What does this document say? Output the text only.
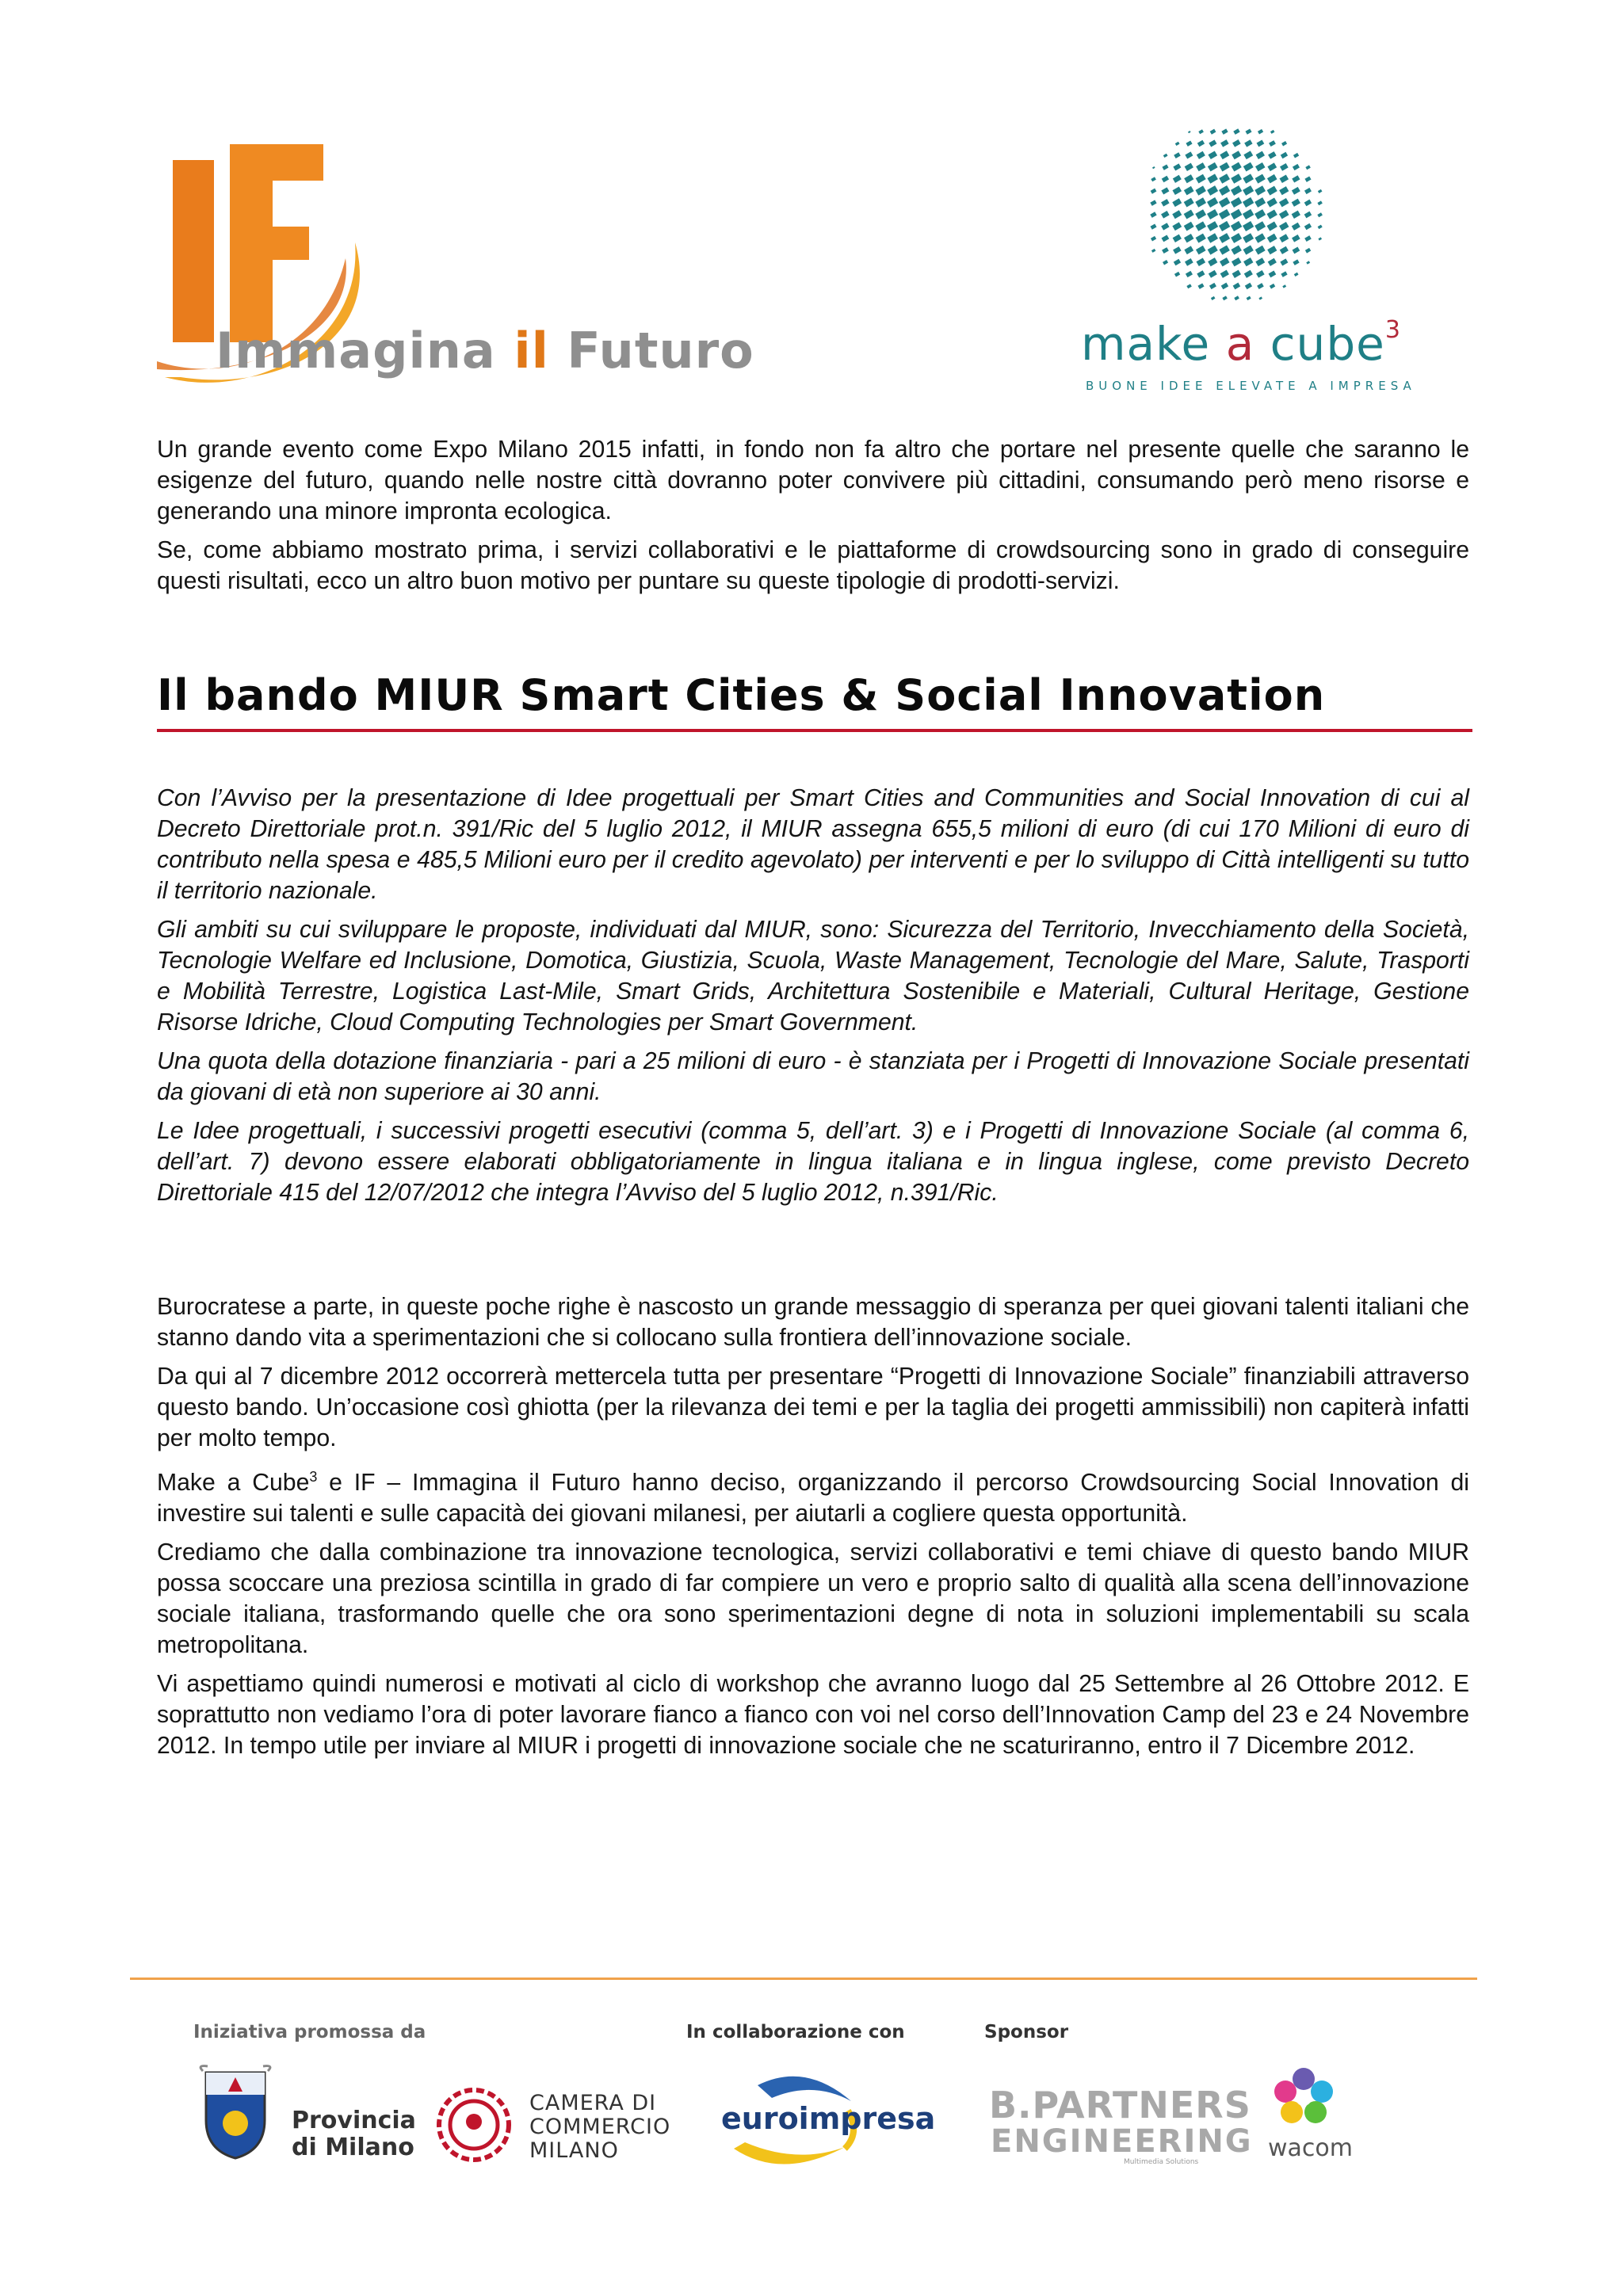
Immagina il Futuro	make a cube$^3$
BUONE IDEE ELEVATE A IMPRESA

Un grande evento come Expo Milano 2015 infatti, in fondo non fa altro che portare nel presente quelle che saranno le esigenze del futuro, quando nelle nostre città dovranno poter convivere più cittadini, consumando però meno risorse e generando una minore impronta ecologica.

Se, come abbiamo mostrato prima, i servizi collaborativi e le piattaforme di crowdsourcing sono in grado di conseguire questi risultati, ecco un altro buon motivo per puntare su queste tipologie di prodotti-servizi.

Il bando MIUR Smart Cities & Social Innovation

Con l’Avviso per la presentazione di Idee progettuali per Smart Cities and Communities and Social Innovation di cui al Decreto Direttoriale prot.n. 391/Ric del 5 luglio 2012, il MIUR assegna 655,5 milioni di euro (di cui 170 Milioni di euro di contributo nella spesa e 485,5 Milioni euro per il credito agevolato) per interventi e per lo sviluppo di Città intelligenti su tutto il territorio nazionale.

Gli ambiti su cui sviluppare le proposte, individuati dal MIUR, sono: Sicurezza del Territorio, Invecchiamento della Società, Tecnologie Welfare ed Inclusione, Domotica, Giustizia, Scuola, Waste Management, Tecnologie del Mare, Salute, Trasporti e Mobilità Terrestre, Logistica Last-Mile, Smart Grids, Architettura Sostenibile e Materiali, Cultural Heritage, Gestione Risorse Idriche, Cloud Computing Technologies per Smart Government.

Una quota della dotazione finanziaria - pari a 25 milioni di euro - è stanziata per i Progetti di Innovazione Sociale presentati da giovani di età non superiore ai 30 anni.

Le Idee progettuali, i successivi progetti esecutivi (comma 5, dell’art. 3) e i Progetti di Innovazione Sociale (al comma 6, dell’art. 7) devono essere elaborati obbligatoriamente in lingua italiana e in lingua inglese, come previsto Decreto Direttoriale 415 del 12/07/2012 che integra l’Avviso del 5 luglio 2012, n.391/Ric.

Burocratese a parte, in queste poche righe è nascosto un grande messaggio di speranza per quei giovani talenti italiani che stanno dando vita a sperimentazioni che si collocano sulla frontiera dell’innovazione sociale.

Da qui al 7 dicembre 2012 occorrerà mettercela tutta per presentare “Progetti di Innovazione Sociale” finanziabili attraverso questo bando. Un’occasione così ghiotta (per la rilevanza dei temi e per la taglia dei progetti ammissibili) non capiterà infatti per molto tempo.

Make a Cube$^3$ e IF – Immagina il Futuro hanno deciso, organizzando il percorso Crowdsourcing Social Innovation di investire sui talenti e sulle capacità dei giovani milanesi, per aiutarli a cogliere questa opportunità.

Crediamo che dalla combinazione tra innovazione tecnologica, servizi collaborativi e temi chiave di questo bando MIUR possa scoccare una preziosa scintilla in grado di far compiere un vero e proprio salto di qualità alla scena dell’innovazione sociale italiana, trasformando quelle che ora sono sperimentazioni degne di nota in soluzioni implementabili su scala metropolitana.

Vi aspettiamo quindi numerosi e motivati al ciclo di workshop che avranno luogo dal 25 Settembre al 26 Ottobre 2012. E soprattutto non vediamo l’ora di poter lavorare fianco a fianco con voi nel corso dell’Innovation Camp del 23 e 24 Novembre 2012. In tempo utile per inviare al MIUR i progetti di innovazione sociale che ne scaturiranno, entro il 7 Dicembre 2012.

Iniziativa promossa da	In collaborazione con	Sponsor
Provincia
di Milano
CAMERA DI
COMMERCIO
MILANO
euroimpresa B.PARTNERS
ENGINEERING
Multimedia Solutions	wacom
